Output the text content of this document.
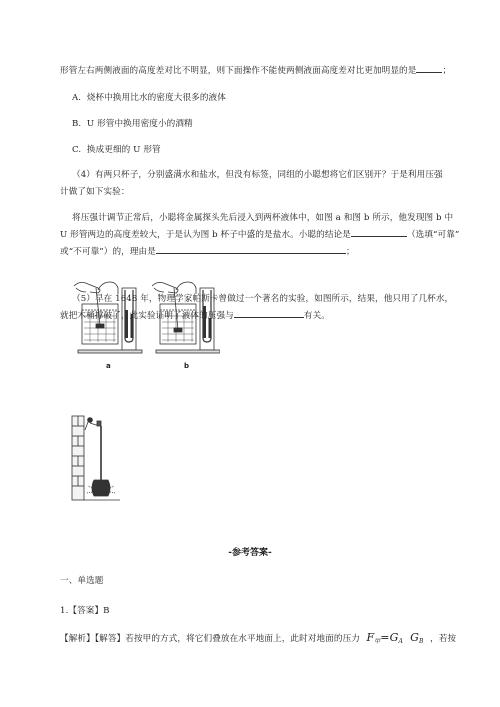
形管左右两侧液面的高度差对比不明显，则下面操作不能使两侧液面高度差对比更加明显的是	；
A. 烧杯中换用比水的密度大很多的液体
B. U 形管中换用密度小的酒精
C. 换成更细的 U 形管
（4）有两只杯子，分别盛满水和盐水，但没有标签，同组的小聪想将它们区别开？于是利用压强
计做了如下实验：
将压强计调节正常后，小聪将金属探头先后浸入到两杯液体中，如图 a 和图 b 所示，他发现图 b 中
U 形管两边的高度差较大，于是认为图 b 杯子中盛的是盐水。小聪的结论是	（选填“可靠”
或“不可靠”）的，理由是	；
a	b
（5）早在 1648 年，物理学家帕斯卡曾做过一个著名的实验，如图所示，结果，他只用了几杯水，
就把木桶撑破了，此实验证明了液体的压强与	有关。
-参考答案-
一、单选题
1.【答案】B
【解析】【解答】若按甲的方式，将它们叠放在水平地面上，此时对地面的压力 $F_甲=G_A$ $G_B$ ，若按
